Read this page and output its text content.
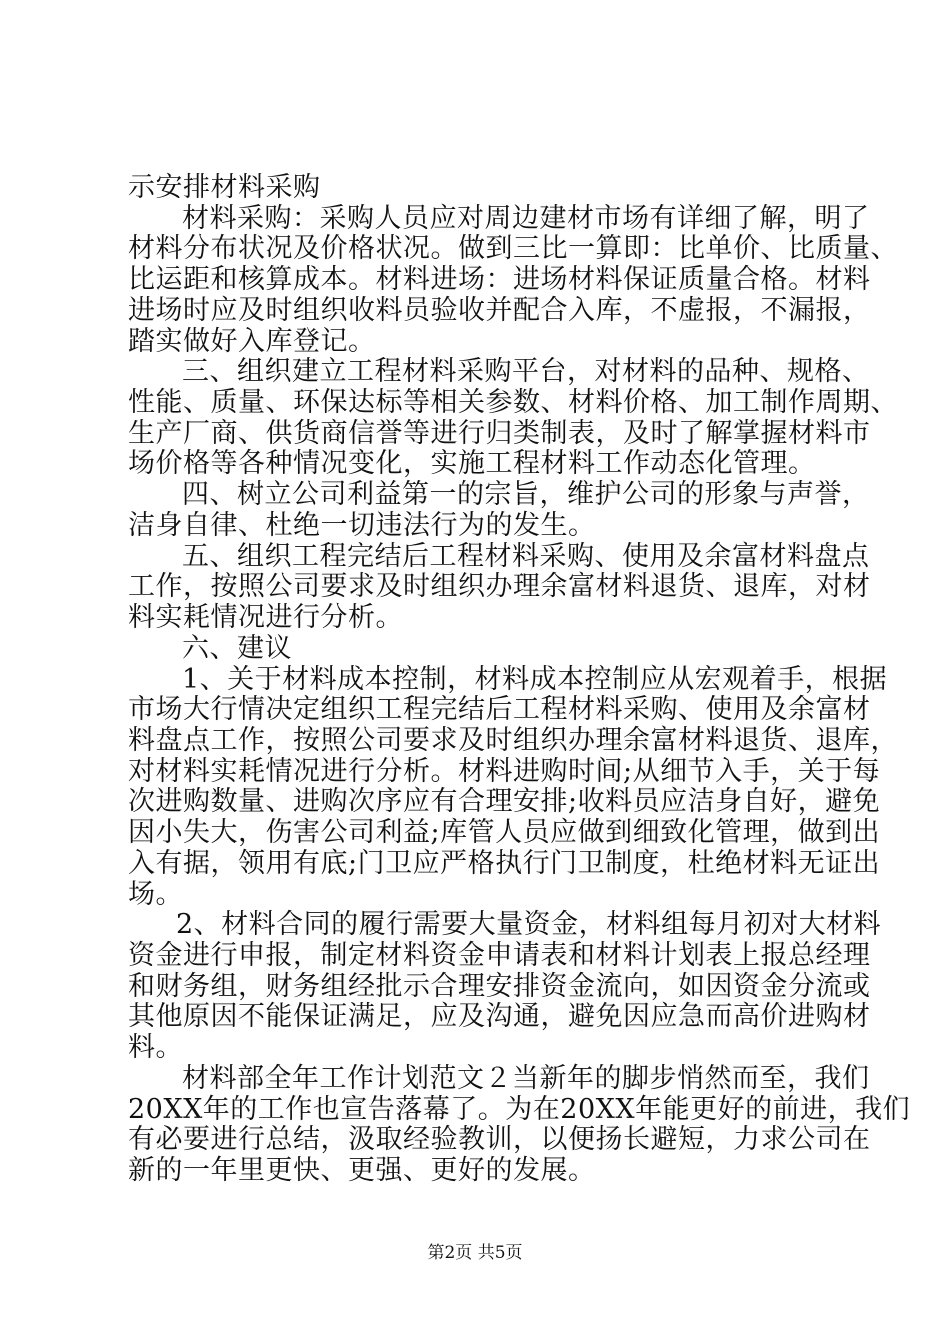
示安排材料采购
材料采购：采购人员应对周边建材市场有详细了解，明了
材料分布状况及价格状况。做到三比一算即：比单价、比质量、
比运距和核算成本。材料进场：进场材料保证质量合格。材料
进场时应及时组织收料员验收并配合入库，不虚报，不漏报，
踏实做好入库登记。
三、组织建立工程材料采购平台，对材料的品种、规格、
性能、质量、环保达标等相关参数、材料价格、加工制作周期、
生产厂商、供货商信誉等进行归类制表，及时了解掌握材料市
场价格等各种情况变化，实施工程材料工作动态化管理。
四、树立公司利益第一的宗旨，维护公司的形象与声誉，
洁身自律、杜绝一切违法行为的发生。
五、组织工程完结后工程材料采购、使用及余富材料盘点
工作，按照公司要求及时组织办理余富材料退货、退库，对材
料实耗情况进行分析。
六、建议
1、关于材料成本控制，材料成本控制应从宏观着手，根据
市场大行情决定组织工程完结后工程材料采购、使用及余富材
料盘点工作，按照公司要求及时组织办理余富材料退货、退库，
对材料实耗情况进行分析。材料进购时间;从细节入手，关于每
次进购数量、进购次序应有合理安排;收料员应洁身自好，避免
因小失大，伤害公司利益;库管人员应做到细致化管理，做到出
入有据，领用有底;门卫应严格执行门卫制度，杜绝材料无证出
场。
2、材料合同的履行需要大量资金，材料组每月初对大材料
资金进行申报，制定材料资金申请表和材料计划表上报总经理
和财务组，财务组经批示合理安排资金流向，如因资金分流或
其他原因不能保证满足，应及沟通，避免因应急而高价进购材
料。
材料部全年工作计划范文２当新年的脚步悄然而至，我们
20XX年的工作也宣告落幕了。为在20XX年能更好的前进，我们
有必要进行总结，汲取经验教训，以便扬长避短，力求公司在
新的一年里更快、更强、更好的发展。
第2页 共5页
